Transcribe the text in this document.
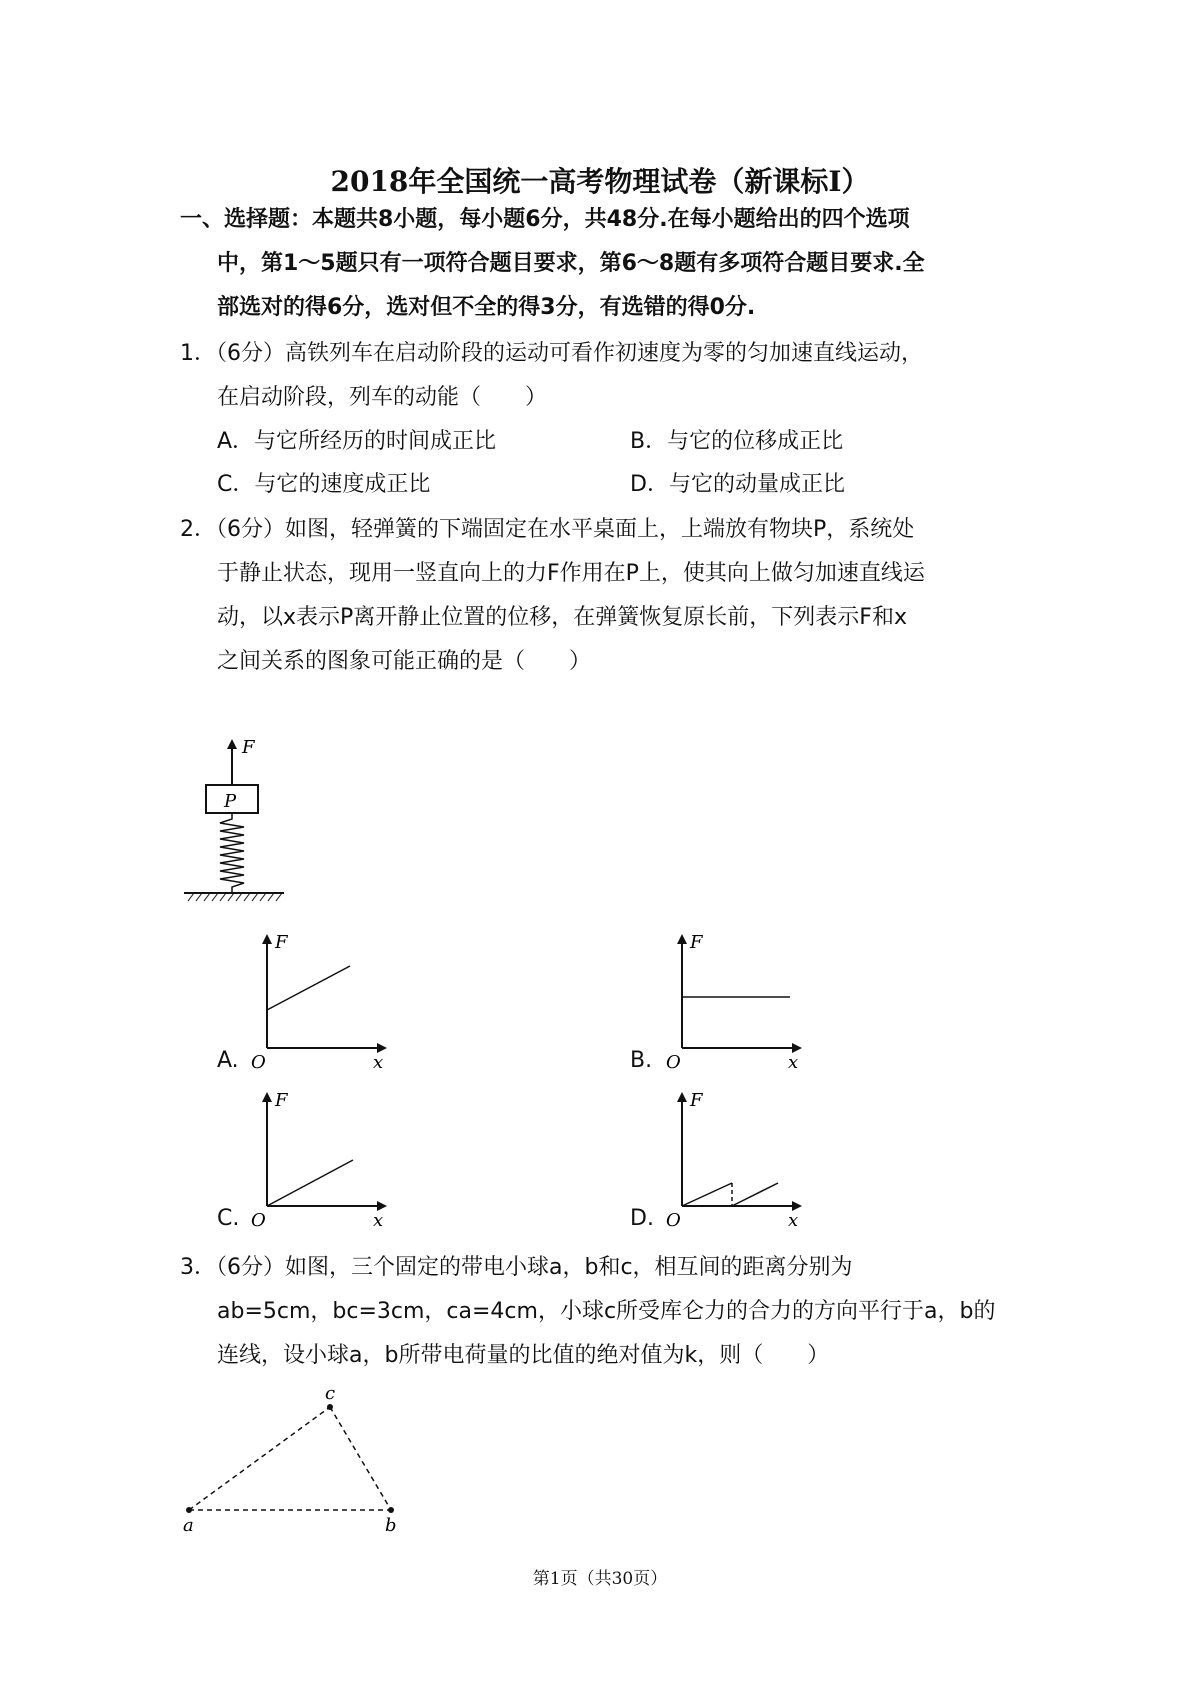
2018年全国统一高考物理试卷（新课标Ⅰ）
一、选择题：本题共8小题，每小题6分，共48分.在每小题给出的四个选项
中，第1～5题只有一项符合题目要求，第6～8题有多项符合题目要求.全
部选对的得6分，选对但不全的得3分，有选错的得0分.
1．（6分）高铁列车在启动阶段的运动可看作初速度为零的匀加速直线运动，
在启动阶段，列车的动能（　　）
A．与它所经历的时间成正比	B．与它的位移成正比
C．与它的速度成正比	D．与它的动量成正比
2．（6分）如图，轻弹簧的下端固定在水平桌面上，上端放有物块P，系统处
于静止状态，现用一竖直向上的力F作用在P上，使其向上做匀加速直线运
动，以x表示P离开静止位置的位移，在弹簧恢复原长前，下列表示F和x
之间关系的图象可能正确的是（　　）
F
P
A.
F
x
O	B.
F
x
O
C.
F
x
O	D.
F
x
O
3．（6分）如图，三个固定的带电小球a，b和c，相互间的距离分别为
ab=5cm，bc=3cm，ca=4cm，小球c所受库仑力的合力的方向平行于a，b的
连线，设小球a，b所带电荷量的比值的绝对值为k，则（　　）
a	b
c
第1页（共30页）
